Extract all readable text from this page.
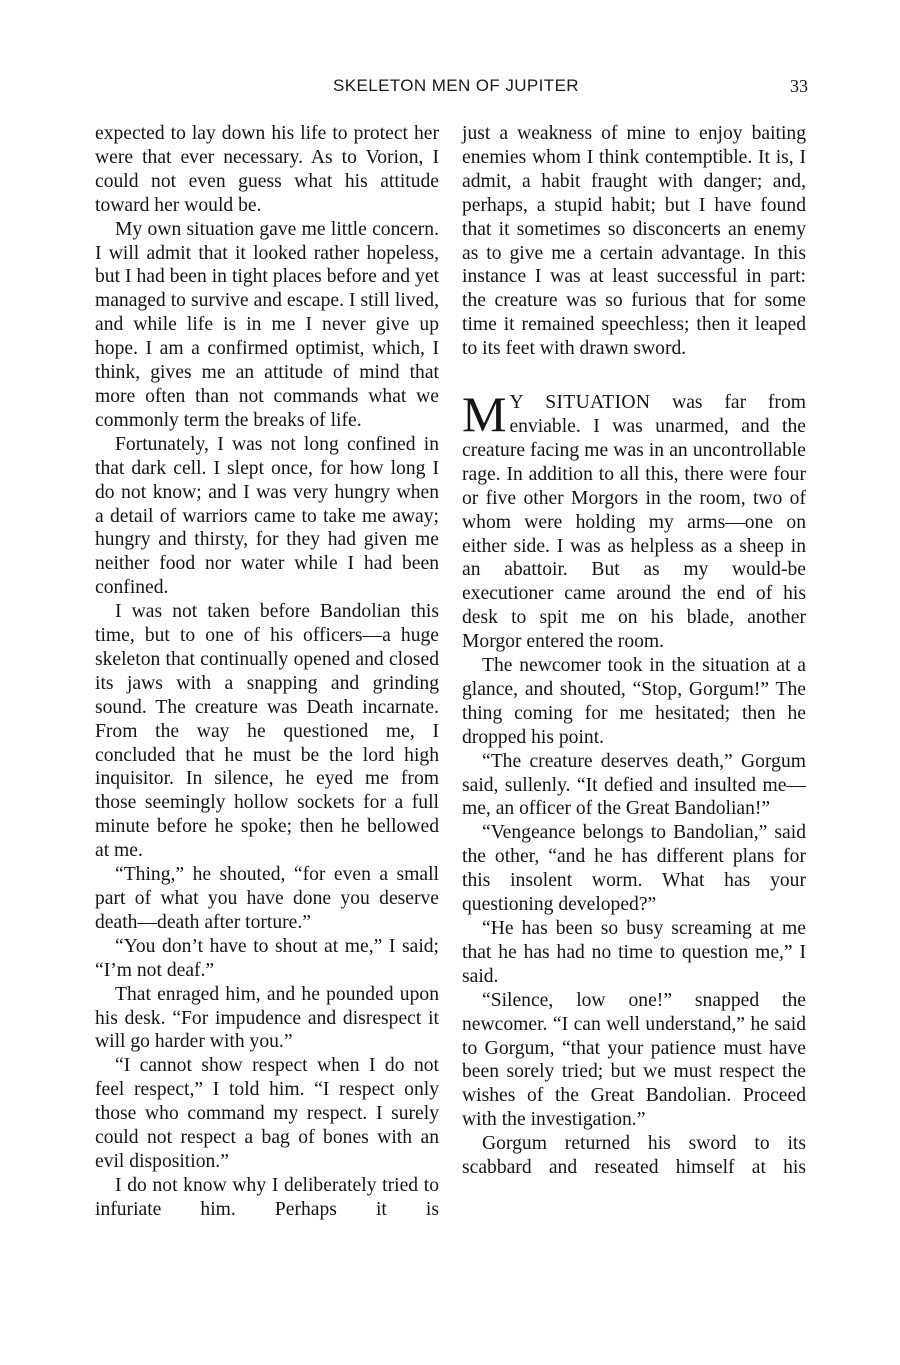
SKELETON MEN OF JUPITER	33

expected to lay down his life to protect her were that ever necessary. As to Vorion, I could not even guess what his attitude toward her would be.

My own situation gave me little concern. I will admit that it looked rather hopeless, but I had been in tight places before and yet managed to survive and escape. I still lived, and while life is in me I never give up hope. I am a confirmed optimist, which, I think, gives me an attitude of mind that more often than not commands what we commonly term the breaks of life.

Fortunately, I was not long confined in that dark cell. I slept once, for how long I do not know; and I was very hungry when a detail of warriors came to take me away; hungry and thirsty, for they had given me neither food nor water while I had been confined.

I was not taken before Bandolian this time, but to one of his officers—a huge skeleton that continually opened and closed its jaws with a snapping and grinding sound. The creature was Death incarnate. From the way he questioned me, I concluded that he must be the lord high inquisitor. In silence, he eyed me from those seemingly hollow sockets for a full minute before he spoke; then he bellowed at me.

“Thing,” he shouted, “for even a small part of what you have done you deserve death—death after torture.”

“You don’t have to shout at me,” I said; “I’m not deaf.”

That enraged him, and he pounded upon his desk. “For impudence and disrespect it will go harder with you.”

“I cannot show respect when I do not feel respect,” I told him. “I respect only those who command my respect. I surely could not respect a bag of bones with an evil disposition.”

I do not know why I deliberately tried to infuriate him. Perhaps it is

just a weakness of mine to enjoy baiting enemies whom I think contemptible. It is, I admit, a habit fraught with danger; and, perhaps, a stupid habit; but I have found that it sometimes so disconcerts an enemy as to give me a certain advantage. In this instance I was at least successful in part: the creature was so furious that for some time it remained speechless; then it leaped to its feet with drawn sword.

M Y SITUATION was far from enviable. I was unarmed, and the creature facing me was in an uncontrollable rage. In addition to all this, there were four or five other Morgors in the room, two of whom were holding my arms—one on either side. I was as helpless as a sheep in an abattoir. But as my would-be executioner came around the end of his desk to spit me on his blade, another Morgor entered the room.

The newcomer took in the situation at a glance, and shouted, “Stop, Gorgum!” The thing coming for me hesitated; then he dropped his point.

“The creature deserves death,” Gorgum said, sullenly. “It defied and insulted me—me, an officer of the Great Bandolian!”

“Vengeance belongs to Bandolian,” said the other, “and he has different plans for this insolent worm. What has your questioning developed?”

“He has been so busy screaming at me that he has had no time to question me,” I said.

“Silence, low one!” snapped the newcomer. “I can well understand,” he said to Gorgum, “that your patience must have been sorely tried; but we must respect the wishes of the Great Bandolian. Proceed with the investigation.”

Gorgum returned his sword to its scabbard and reseated himself at his
